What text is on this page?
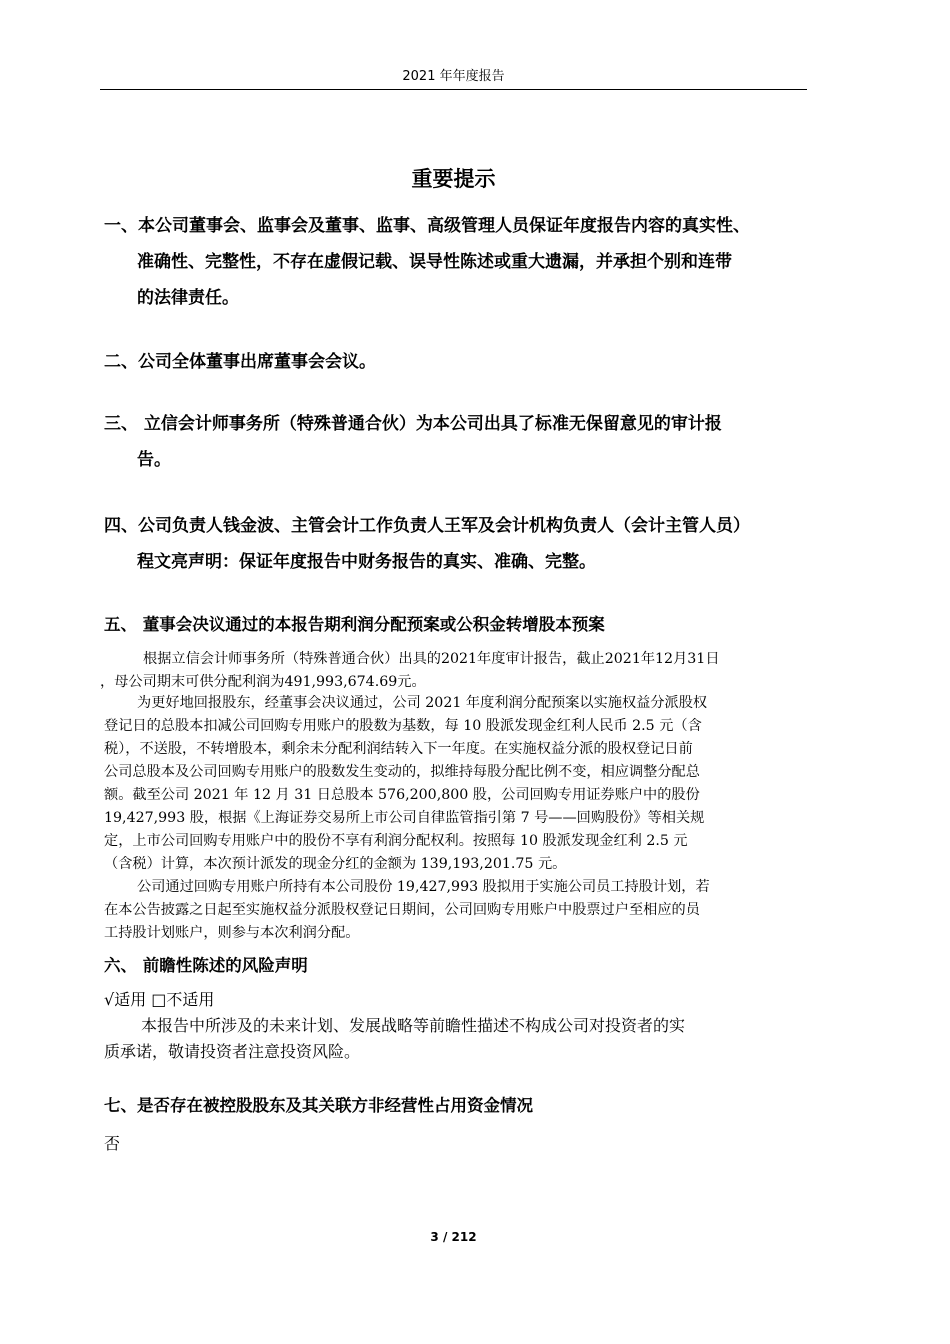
2021 年年度报告
重要提示
一、本公司董事会、监事会及董事、监事、高级管理人员保证年度报告内容的真实性、
准确性、完整性，不存在虚假记载、误导性陈述或重大遗漏，并承担个别和连带
的法律责任。
二、公司全体董事出席董事会会议。
三、 立信会计师事务所（特殊普通合伙）为本公司出具了标准无保留意见的审计报
告。
四、公司负责人钱金波、主管会计工作负责人王军及会计机构负责人（会计主管人员）
程文亮声明：保证年度报告中财务报告的真实、准确、完整。
五、 董事会决议通过的本报告期利润分配预案或公积金转增股本预案
根据立信会计师事务所（特殊普通合伙）出具的2021年度审计报告，截止2021年12月31日
，母公司期末可供分配利润为491,993,674.69元。
为更好地回报股东，经董事会决议通过，公司 2021 年度利润分配预案以实施权益分派股权
登记日的总股本扣减公司回购专用账户的股数为基数，每 10 股派发现金红利人民币 2.5 元（含
税），不送股，不转增股本，剩余未分配利润结转入下一年度。在实施权益分派的股权登记日前
公司总股本及公司回购专用账户的股数发生变动的，拟维持每股分配比例不变，相应调整分配总
额。截至公司 2021 年 12 月 31 日总股本 576,200,800 股，公司回购专用证券账户中的股份
19,427,993 股，根据《上海证券交易所上市公司自律监管指引第 7 号——回购股份》等相关规
定，上市公司回购专用账户中的股份不享有利润分配权利。按照每 10 股派发现金红利 2.5 元
（含税）计算，本次预计派发的现金分红的金额为 139,193,201.75 元。
公司通过回购专用账户所持有本公司股份 19,427,993 股拟用于实施公司员工持股计划，若
在本公告披露之日起至实施权益分派股权登记日期间，公司回购专用账户中股票过户至相应的员
工持股计划账户，则参与本次利润分配。
六、 前瞻性陈述的风险声明
√适用 □不适用
本报告中所涉及的未来计划、发展战略等前瞻性描述不构成公司对投资者的实
质承诺，敬请投资者注意投资风险。
七、是否存在被控股股东及其关联方非经营性占用资金情况
否
3 / 212
